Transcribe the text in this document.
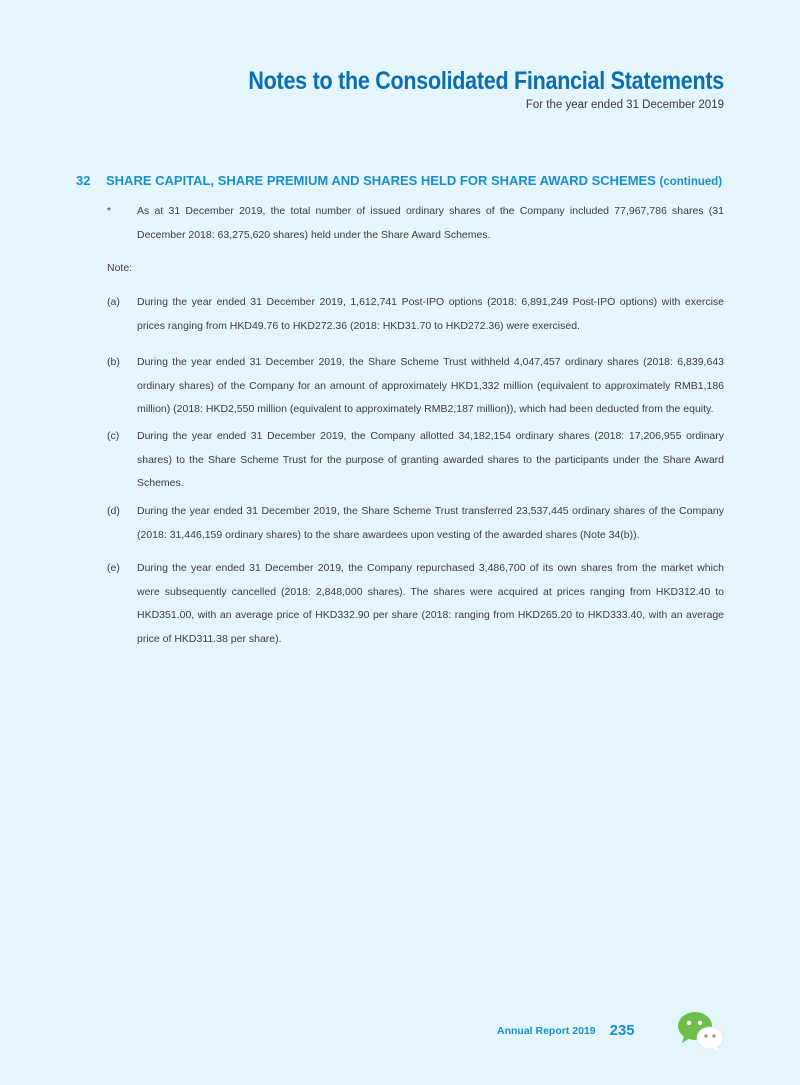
Notes to the Consolidated Financial Statements
For the year ended 31 December 2019
32 SHARE CAPITAL, SHARE PREMIUM AND SHARES HELD FOR SHARE AWARD SCHEMES (continued)
* As at 31 December 2019, the total number of issued ordinary shares of the Company included 77,967,786 shares (31 December 2018: 63,275,620 shares) held under the Share Award Schemes.
Note:
(a) During the year ended 31 December 2019, 1,612,741 Post-IPO options (2018: 6,891,249 Post-IPO options) with exercise prices ranging from HKD49.76 to HKD272.36 (2018: HKD31.70 to HKD272.36) were exercised.
(b) During the year ended 31 December 2019, the Share Scheme Trust withheld 4,047,457 ordinary shares (2018: 6,839,643 ordinary shares) of the Company for an amount of approximately HKD1,332 million (equivalent to approximately RMB1,186 million) (2018: HKD2,550 million (equivalent to approximately RMB2,187 million)), which had been deducted from the equity.
(c) During the year ended 31 December 2019, the Company allotted 34,182,154 ordinary shares (2018: 17,206,955 ordinary shares) to the Share Scheme Trust for the purpose of granting awarded shares to the participants under the Share Award Schemes.
(d) During the year ended 31 December 2019, the Share Scheme Trust transferred 23,537,445 ordinary shares of the Company (2018: 31,446,159 ordinary shares) to the share awardees upon vesting of the awarded shares (Note 34(b)).
(e) During the year ended 31 December 2019, the Company repurchased 3,486,700 of its own shares from the market which were subsequently cancelled (2018: 2,848,000 shares). The shares were acquired at prices ranging from HKD312.40 to HKD351.00, with an average price of HKD332.90 per share (2018: ranging from HKD265.20 to HKD333.40, with an average price of HKD311.38 per share).
Annual Report 2019 235
